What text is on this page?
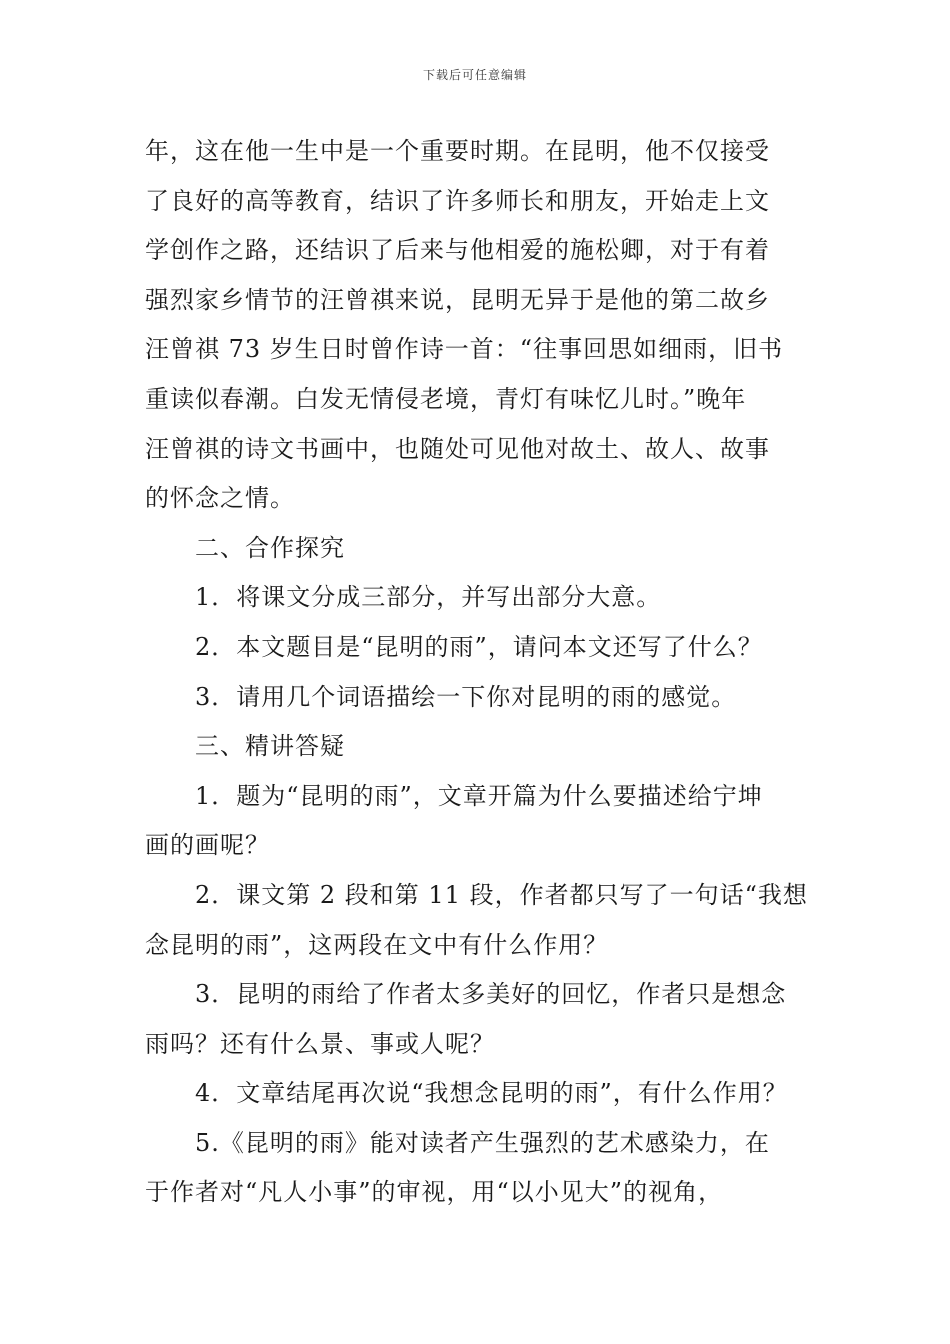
下载后可任意编辑
年，这在他一生中是一个重要时期。在昆明，他不仅接受
了良好的高等教育，结识了许多师长和朋友，开始走上文
学创作之路，还结识了后来与他相爱的施松卿，对于有着
强烈家乡情节的汪曾祺来说，昆明无异于是他的第二故乡
汪曾祺 73 岁生日时曾作诗一首：“往事回思如细雨，旧书
重读似春潮。白发无情侵老境，青灯有味忆儿时。”晚年
汪曾祺的诗文书画中，也随处可见他对故土、故人、故事
的怀念之情。
二、合作探究
1．将课文分成三部分，并写出部分大意。
2．本文题目是“昆明的雨”，请问本文还写了什么？
3．请用几个词语描绘一下你对昆明的雨的感觉。
三、精讲答疑
1．题为“昆明的雨”，文章开篇为什么要描述给宁坤
画的画呢？
2．课文第 2 段和第 11 段，作者都只写了一句话“我想
念昆明的雨”，这两段在文中有什么作用？
3．昆明的雨给了作者太多美好的回忆，作者只是想念
雨吗？还有什么景、事或人呢？
4．文章结尾再次说“我想念昆明的雨”，有什么作用？
5.《昆明的雨》能对读者产生强烈的艺术感染力，在
于作者对“凡人小事”的审视，用“以小见大”的视角，
